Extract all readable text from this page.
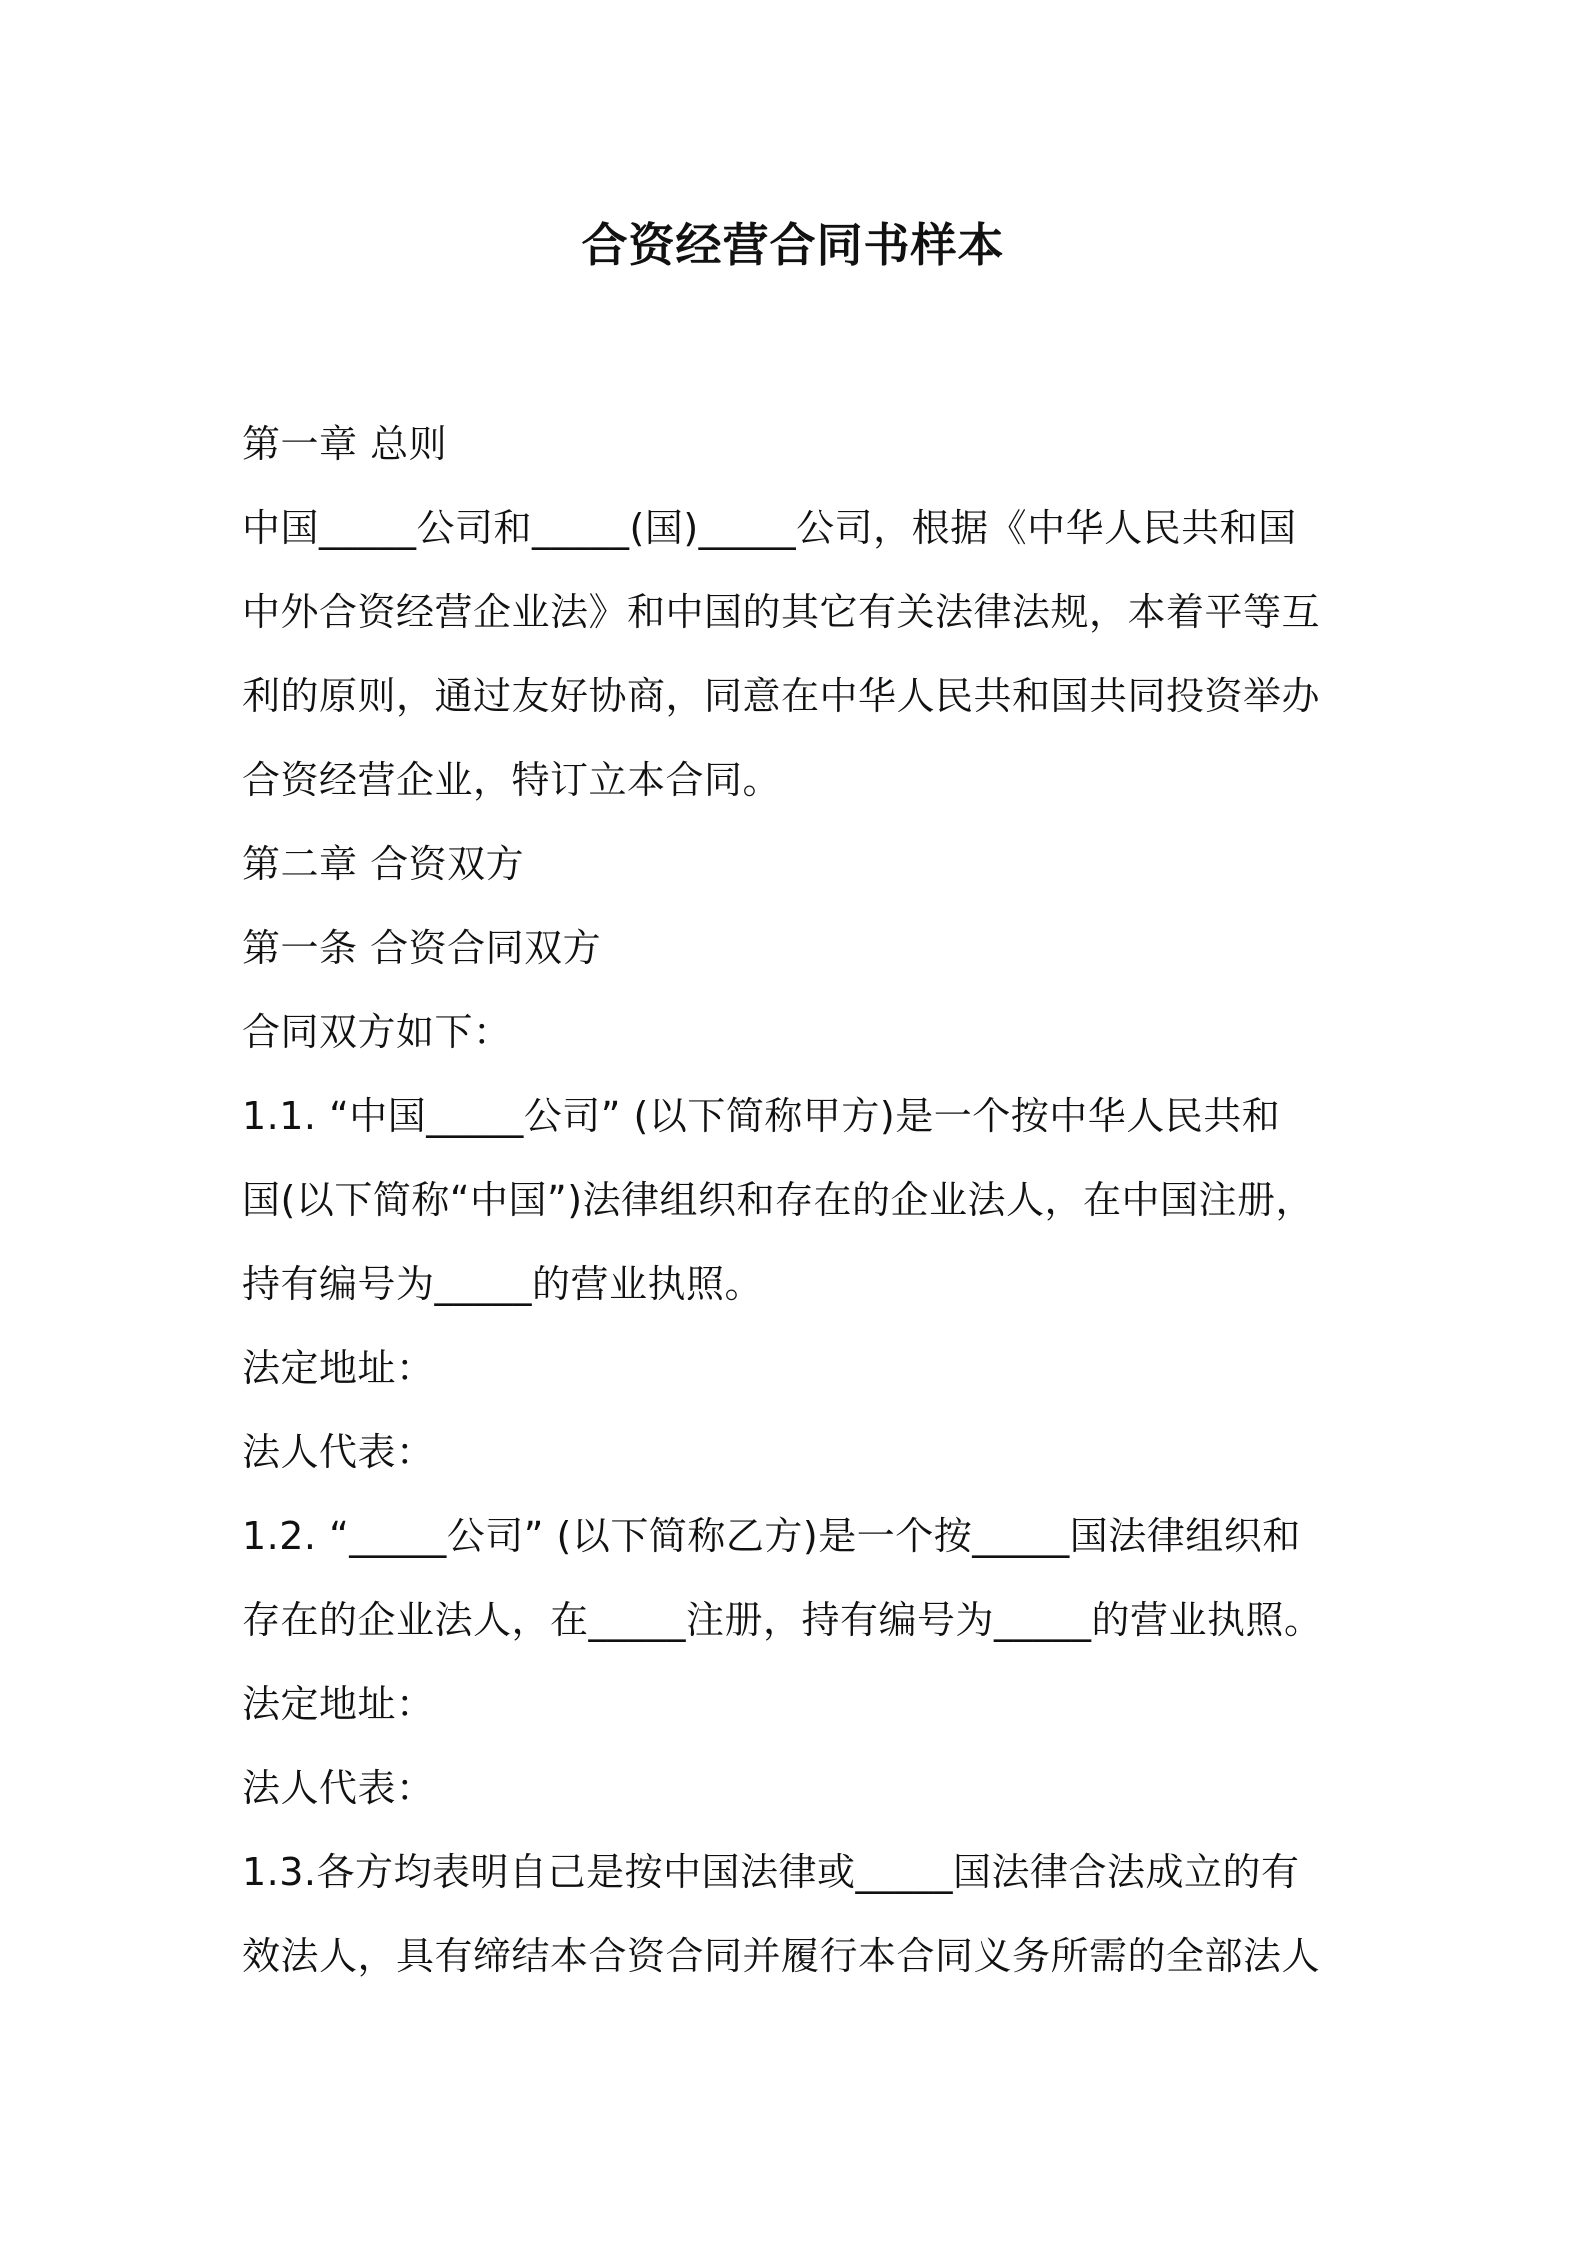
合资经营合同书样本
第一章 总则
中国_____公司和_____(国)_____公司，根据《中华人民共和国
中外合资经营企业法》和中国的其它有关法律法规，本着平等互
利的原则，通过友好协商，同意在中华人民共和国共同投资举办
合资经营企业，特订立本合同。
第二章 合资双方
第一条 合资合同双方
合同双方如下：
1.1. “中国_____公司” (以下简称甲方)是一个按中华人民共和
国(以下简称“中国”)法律组织和存在的企业法人，在中国注册，
持有编号为_____的营业执照。
法定地址：
法人代表：
1.2. “_____公司” (以下简称乙方)是一个按_____国法律组织和
存在的企业法人，在_____注册，持有编号为_____的营业执照。
法定地址：
法人代表：
1.3.各方均表明自己是按中国法律或_____国法律合法成立的有
效法人，具有缔结本合资合同并履行本合同义务所需的全部法人
